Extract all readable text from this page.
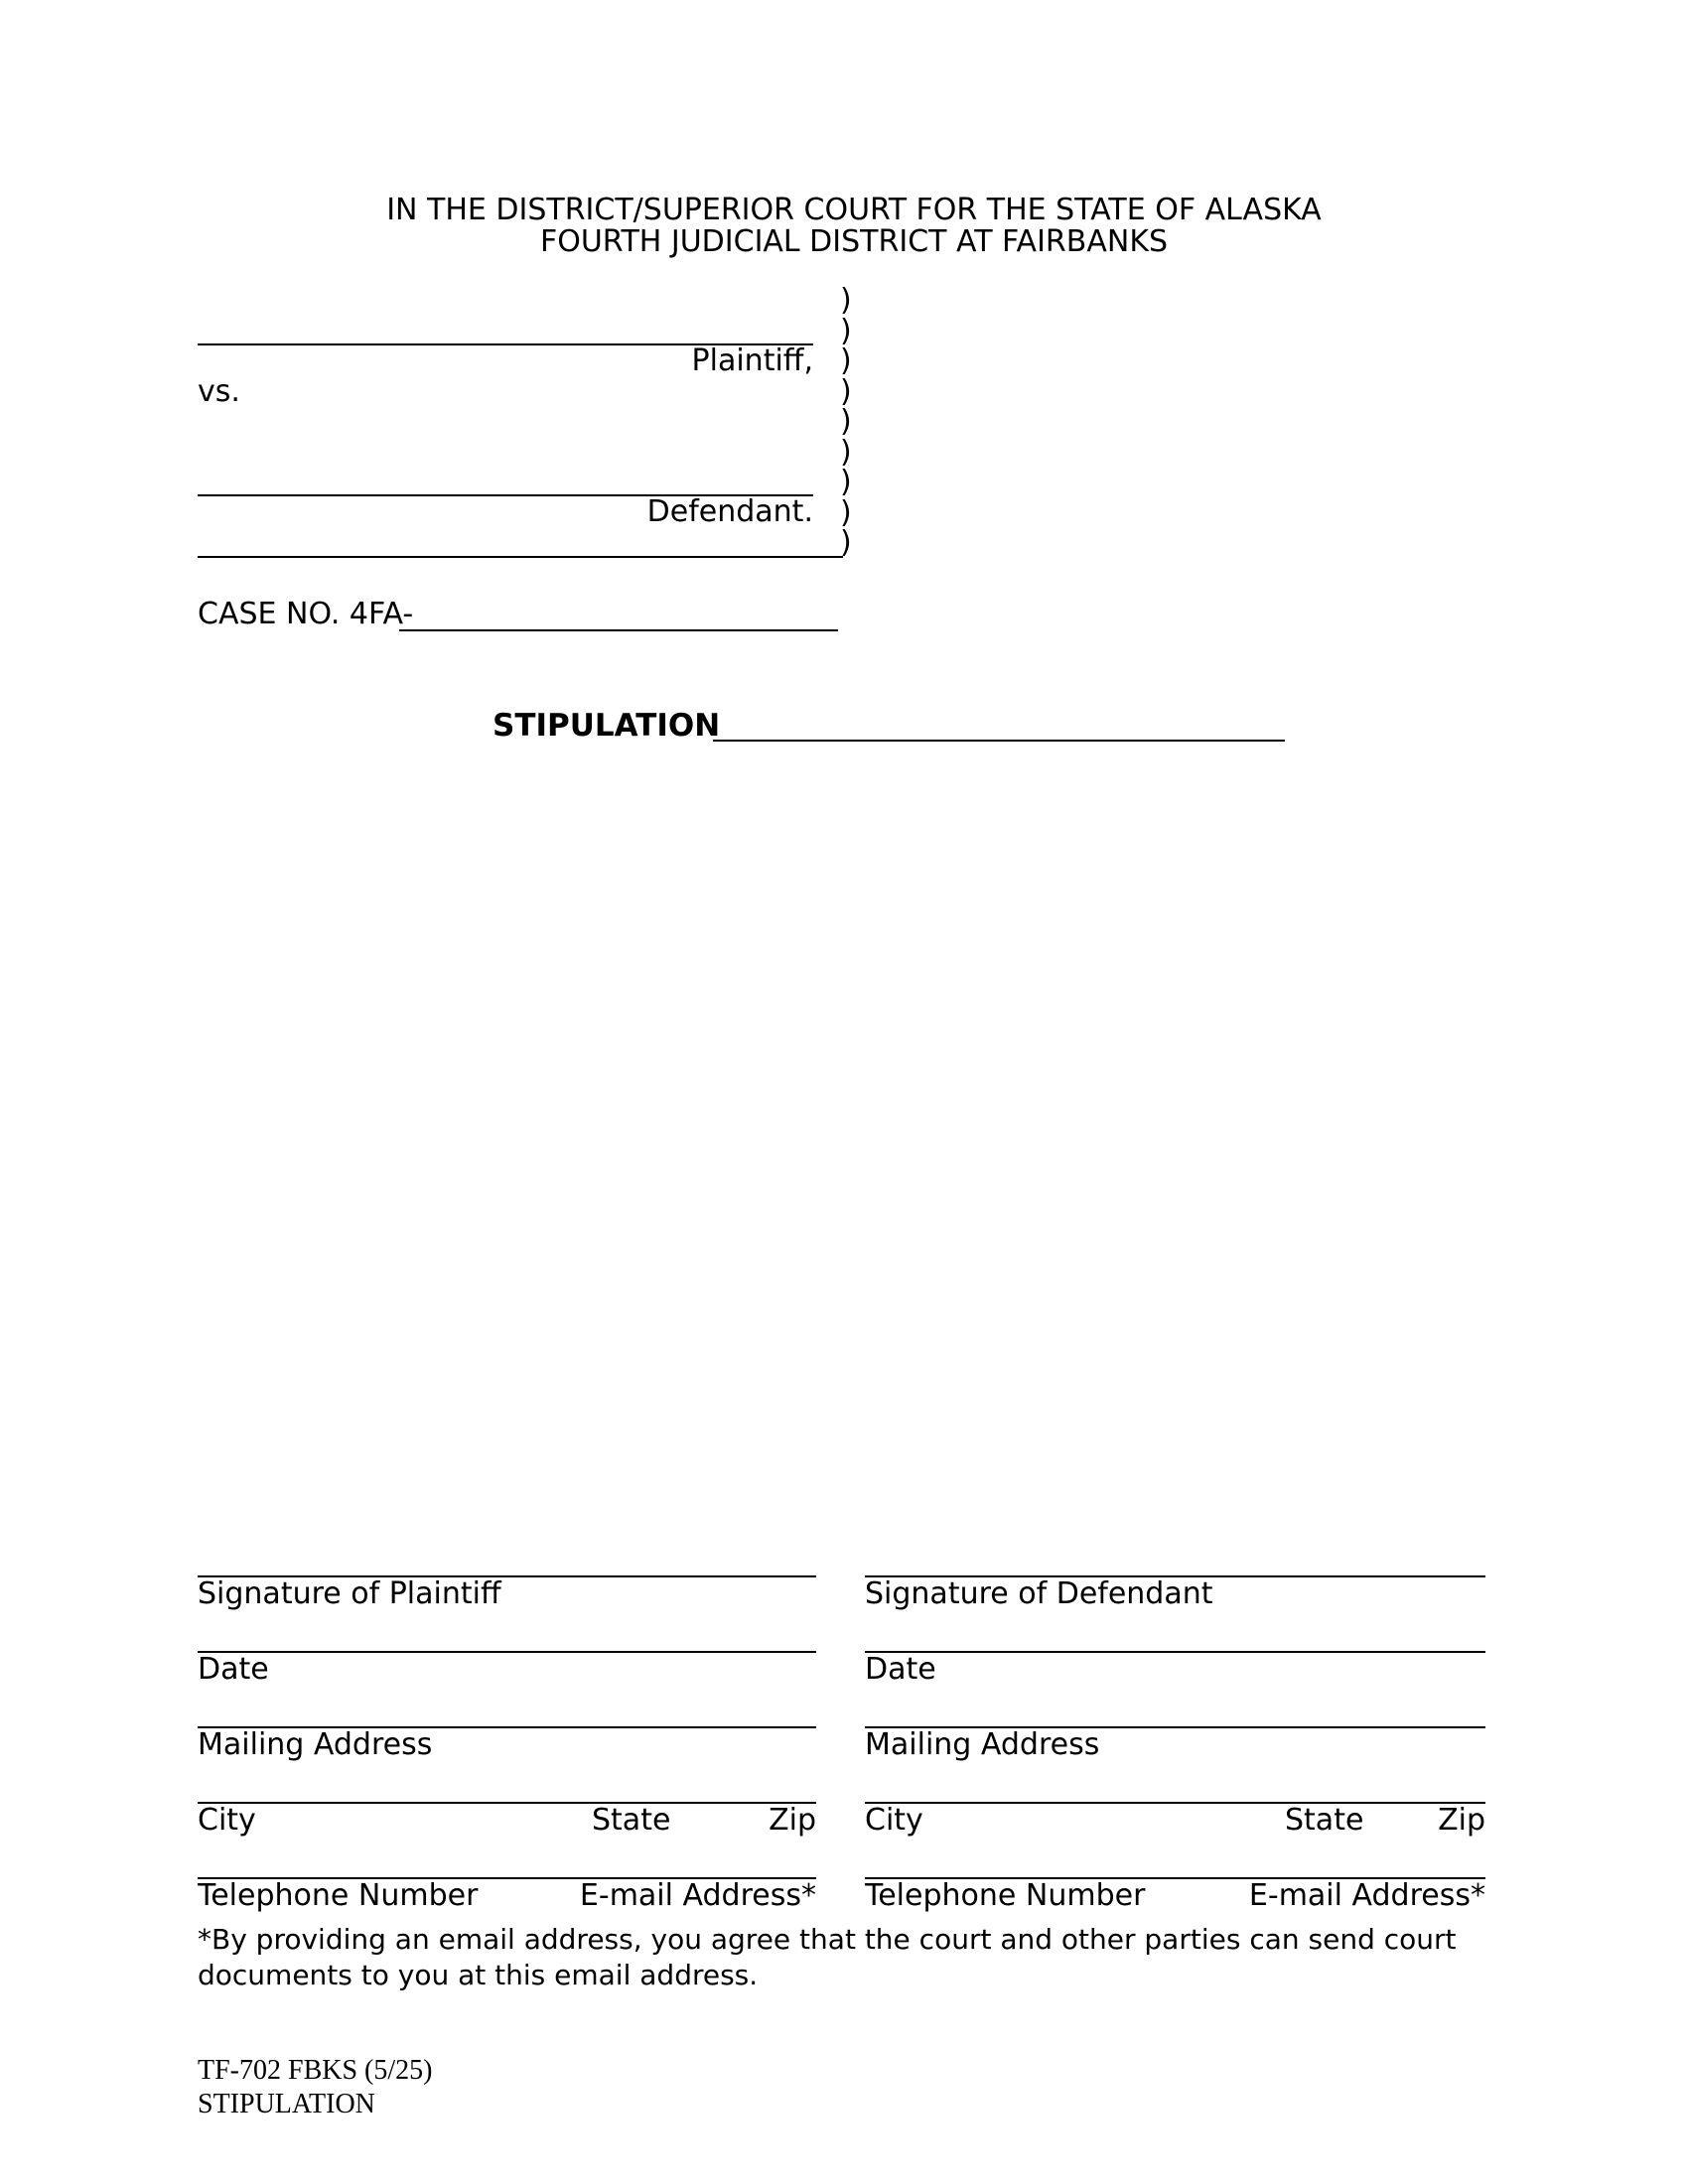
IN THE DISTRICT/SUPERIOR COURT FOR THE STATE OF ALASKA
FOURTH JUDICIAL DISTRICT AT FAIRBANKS
Plaintiff,
vs.
Defendant.
)
)
)
)
)
)
)
)
)
CASE NO. 4FA-
STIPULATION
Signature of Plaintiff
Date
Mailing Address
City	State	Zip
Telephone Number	E-mail Address*
Signature of Defendant
Date
Mailing Address
City	State	Zip
Telephone Number	E-mail Address*
*By providing an email address, you agree that the court and other parties can send court
documents to you at this email address.
TF-702 FBKS (5/25)
STIPULATION
